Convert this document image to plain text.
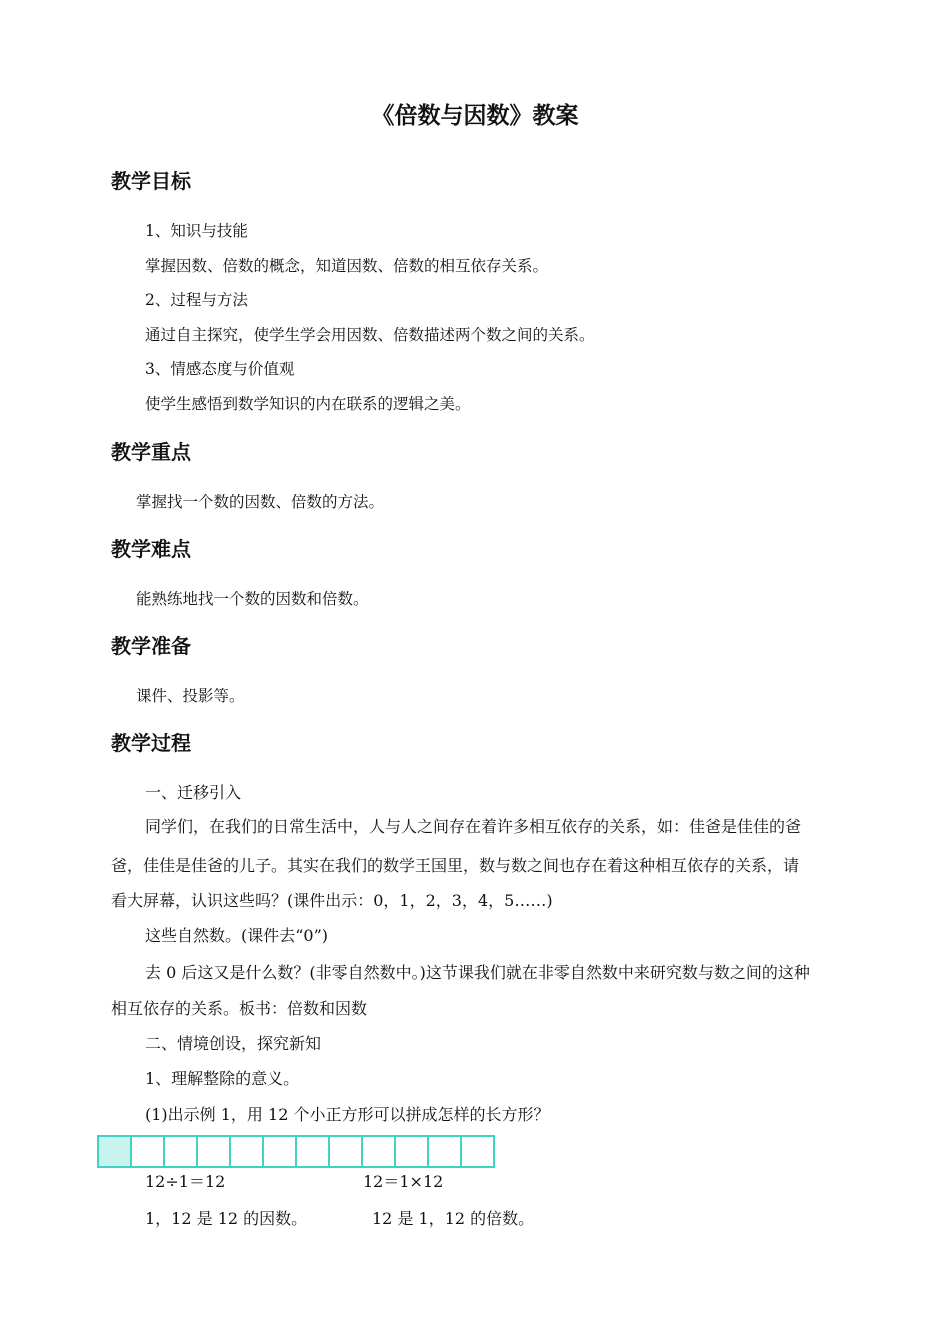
《倍数与因数》教案
教学目标
1、知识与技能
掌握因数、倍数的概念，知道因数、倍数的相互依存关系。
2、过程与方法
通过自主探究，使学生学会用因数、倍数描述两个数之间的关系。
3、情感态度与价值观
使学生感悟到数学知识的内在联系的逻辑之美。
教学重点
掌握找一个数的因数、倍数的方法。
教学难点
能熟练地找一个数的因数和倍数。
教学准备
课件、投影等。
教学过程
一、迁移引入
同学们，在我们的日常生活中，人与人之间存在着许多相互依存的关系，如：佳爸是佳佳的爸
爸，佳佳是佳爸的儿子。其实在我们的数学王国里，数与数之间也存在着这种相互依存的关系，请
看大屏幕，认识这些吗？(课件出示：0，1，2，3，4，5……)
这些自然数。(课件去“0”)
去 0 后这又是什么数？(非零自然数中。)这节课我们就在非零自然数中来研究数与数之间的这种
相互依存的关系。板书：倍数和因数
二、情境创设，探究新知
1、理解整除的意义。
(1)出示例 1，用 12 个小正方形可以拼成怎样的长方形？
12÷1＝12	12＝1×12
1，12 是 12 的因数。	12 是 1，12 的倍数。
